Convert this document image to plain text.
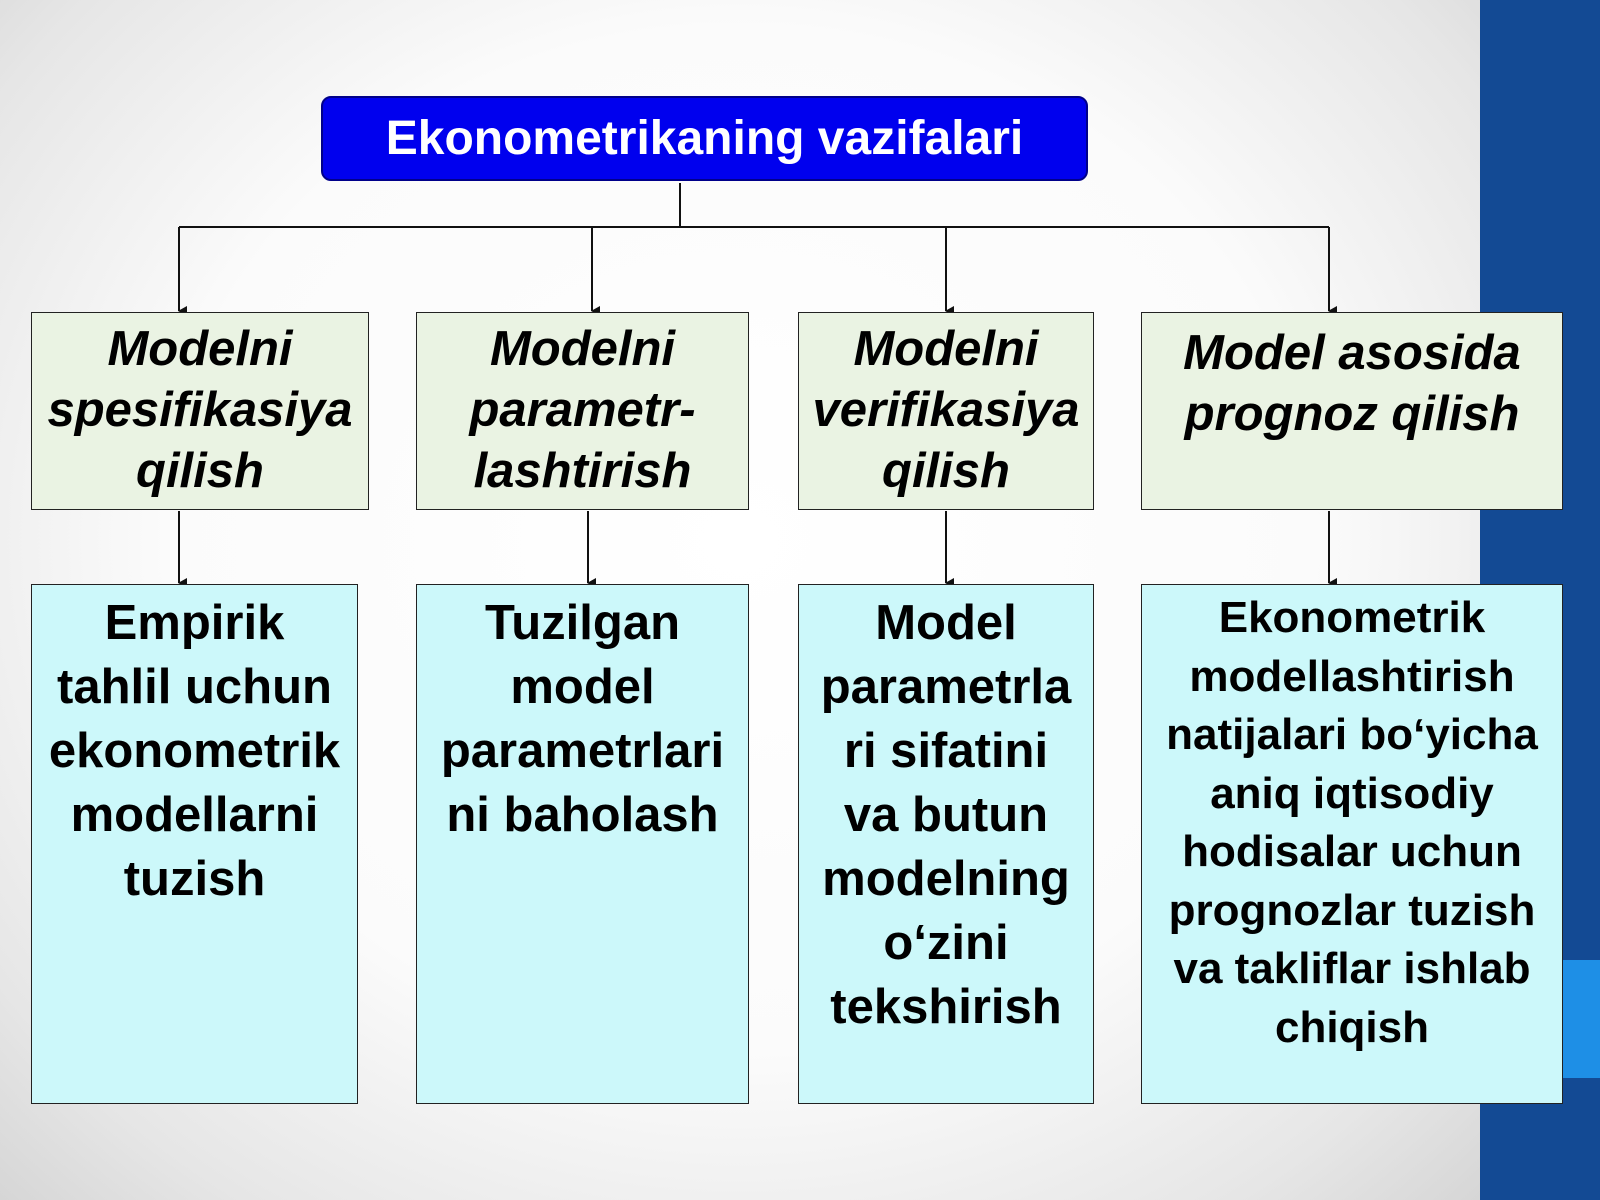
Ekonometrikaning vazifalari
Modelni
spesifikasiya
qilish
Modelni
parametr-
lashtirish
Modelni
verifikasiya
qilish
Model asosida
prognoz qilish
Empirik
tahlil uchun
ekonometrik
modellarni
tuzish
Tuzilgan
model
parametrlari
ni baholash
Model
parametrla
ri sifatini
va butun
modelning
o‘zini
tekshirish
Ekonometrik
modellashtirish
natijalari bo‘yicha
aniq iqtisodiy
hodisalar uchun
prognozlar tuzish
va takliflar ishlab
chiqish
